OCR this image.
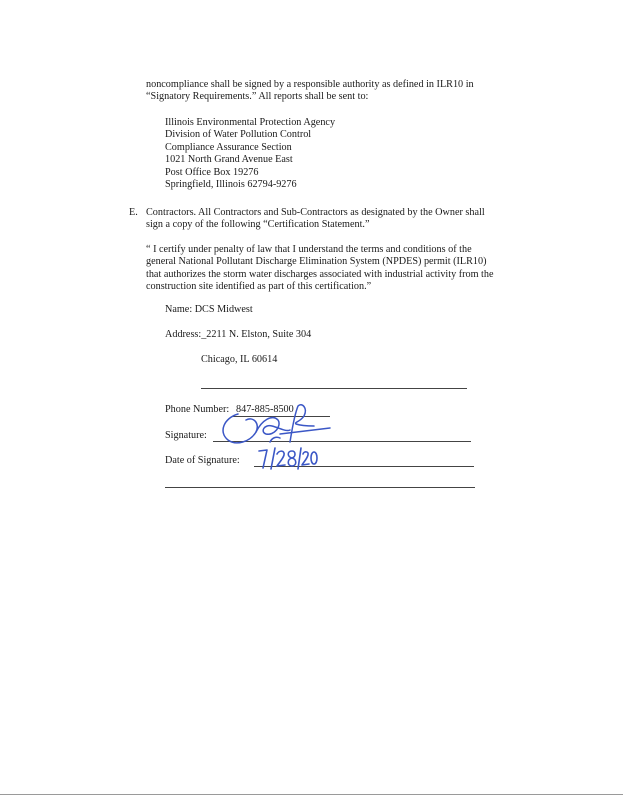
noncompliance shall be signed by a responsible authority as defined in ILR10 in
“Signatory Requirements.” All reports shall be sent to:
Illinois Environmental Protection Agency
Division of Water Pollution Control
Compliance Assurance Section
1021 North Grand Avenue East
Post Office Box 19276
Springfield, Illinois 62794-9276
E. Contractors. All Contractors and Sub-Contractors as designated by the Owner shall
sign a copy of the following “Certification Statement.”
“ I certify under penalty of law that I understand the terms and conditions of the
general National Pollutant Discharge Elimination System (NPDES) permit (ILR10)
that authorizes the storm water discharges associated with industrial activity from the
construction site identified as part of this certification.”
Name: DCS Midwest
Address:_2211 N. Elston, Suite 304
Chicago, IL 60614
Phone Number: 847-885-8500
Signature:
Date of Signature:
